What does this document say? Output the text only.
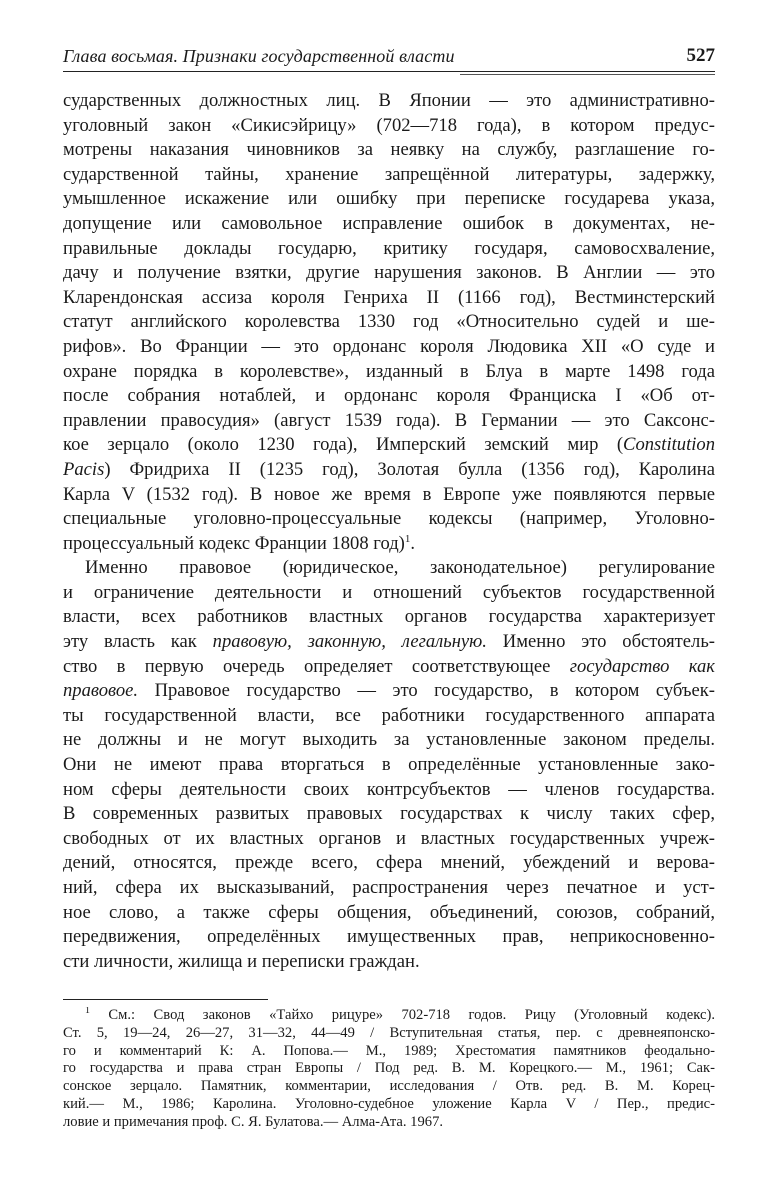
Глава восьмая. Признаки государственной власти	527
сударственных должностных лиц. В Японии — это административно-
уголовный закон «Сикисэйрицу» (702—718 года), в котором предус-
мотрены наказания чиновников за неявку на службу, разглашение го-
сударственной тайны, хранение запрещённой литературы, задержку,
умышленное искажение или ошибку при переписке государева указа,
допущение или самовольное исправление ошибок в документах, не-
правильные доклады государю, критику государя, самовосхваление,
дачу и получение взятки, другие нарушения законов. В Англии — это
Кларендонская ассиза короля Генриха II (1166 год), Вестминстерский
статут английского королевства 1330 год «Относительно судей и ше-
рифов». Во Франции — это ордонанс короля Людовика XII «О суде и
охране порядка в королевстве», изданный в Блуа в марте 1498 года
после собрания нотаблей, и ордонанс короля Франциска I «Об от-
правлении правосудия» (август 1539 года). В Германии — это Саксонс-
кое зерцало (около 1230 года), Имперский земский мир (Constitution
Pacis) Фридриха II (1235 год), Золотая булла (1356 год), Каролина
Карла V (1532 год). В новое же время в Европе уже появляются первые
специальные уголовно-процессуальные кодексы (например, Уголовно-
процессуальный кодекс Франции 1808 год)$^1$.
Именно правовое (юридическое, законодательное) регулирование
и ограничение деятельности и отношений субъектов государственной
власти, всех работников властных органов государства характеризует
эту власть как правовую, законную, легальную. Именно это обстоятель-
ство в первую очередь определяет соответствующее государство как
правовое. Правовое государство — это государство, в котором субъек-
ты государственной власти, все работники государственного аппарата
не должны и не могут выходить за установленные законом пределы.
Они не имеют права вторгаться в определённые установленные зако-
ном сферы деятельности своих контрсубъектов — членов государства.
В современных развитых правовых государствах к числу таких сфер,
свободных от их властных органов и властных государственных учреж-
дений, относятся, прежде всего, сфера мнений, убеждений и верова-
ний, сфера их высказываний, распространения через печатное и уст-
ное слово, а также сферы общения, объединений, союзов, собраний,
передвижения, определённых имущественных прав, неприкосновенно-
сти личности, жилища и переписки граждан.
$^1$ См.: Свод законов «Тайхо рицуре» 702-718 годов. Рицу (Уголовный кодекс).
Ст. 5, 19—24, 26—27, 31—32, 44—49 / Вступительная статья, пер. с древнеяпонско-
го и комментарий К: А. Попова.— М., 1989; Хрестоматия памятников феодально-
го государства и права стран Европы / Под ред. В. М. Корецкого.— М., 1961; Сак-
сонское зерцало. Памятник, комментарии, исследования / Отв. ред. В. М. Корец-
кий.— М., 1986; Каролина. Уголовно-судебное уложение Карла V / Пер., предис-
ловие и примечания проф. С. Я. Булатова.— Алма-Ата. 1967.
